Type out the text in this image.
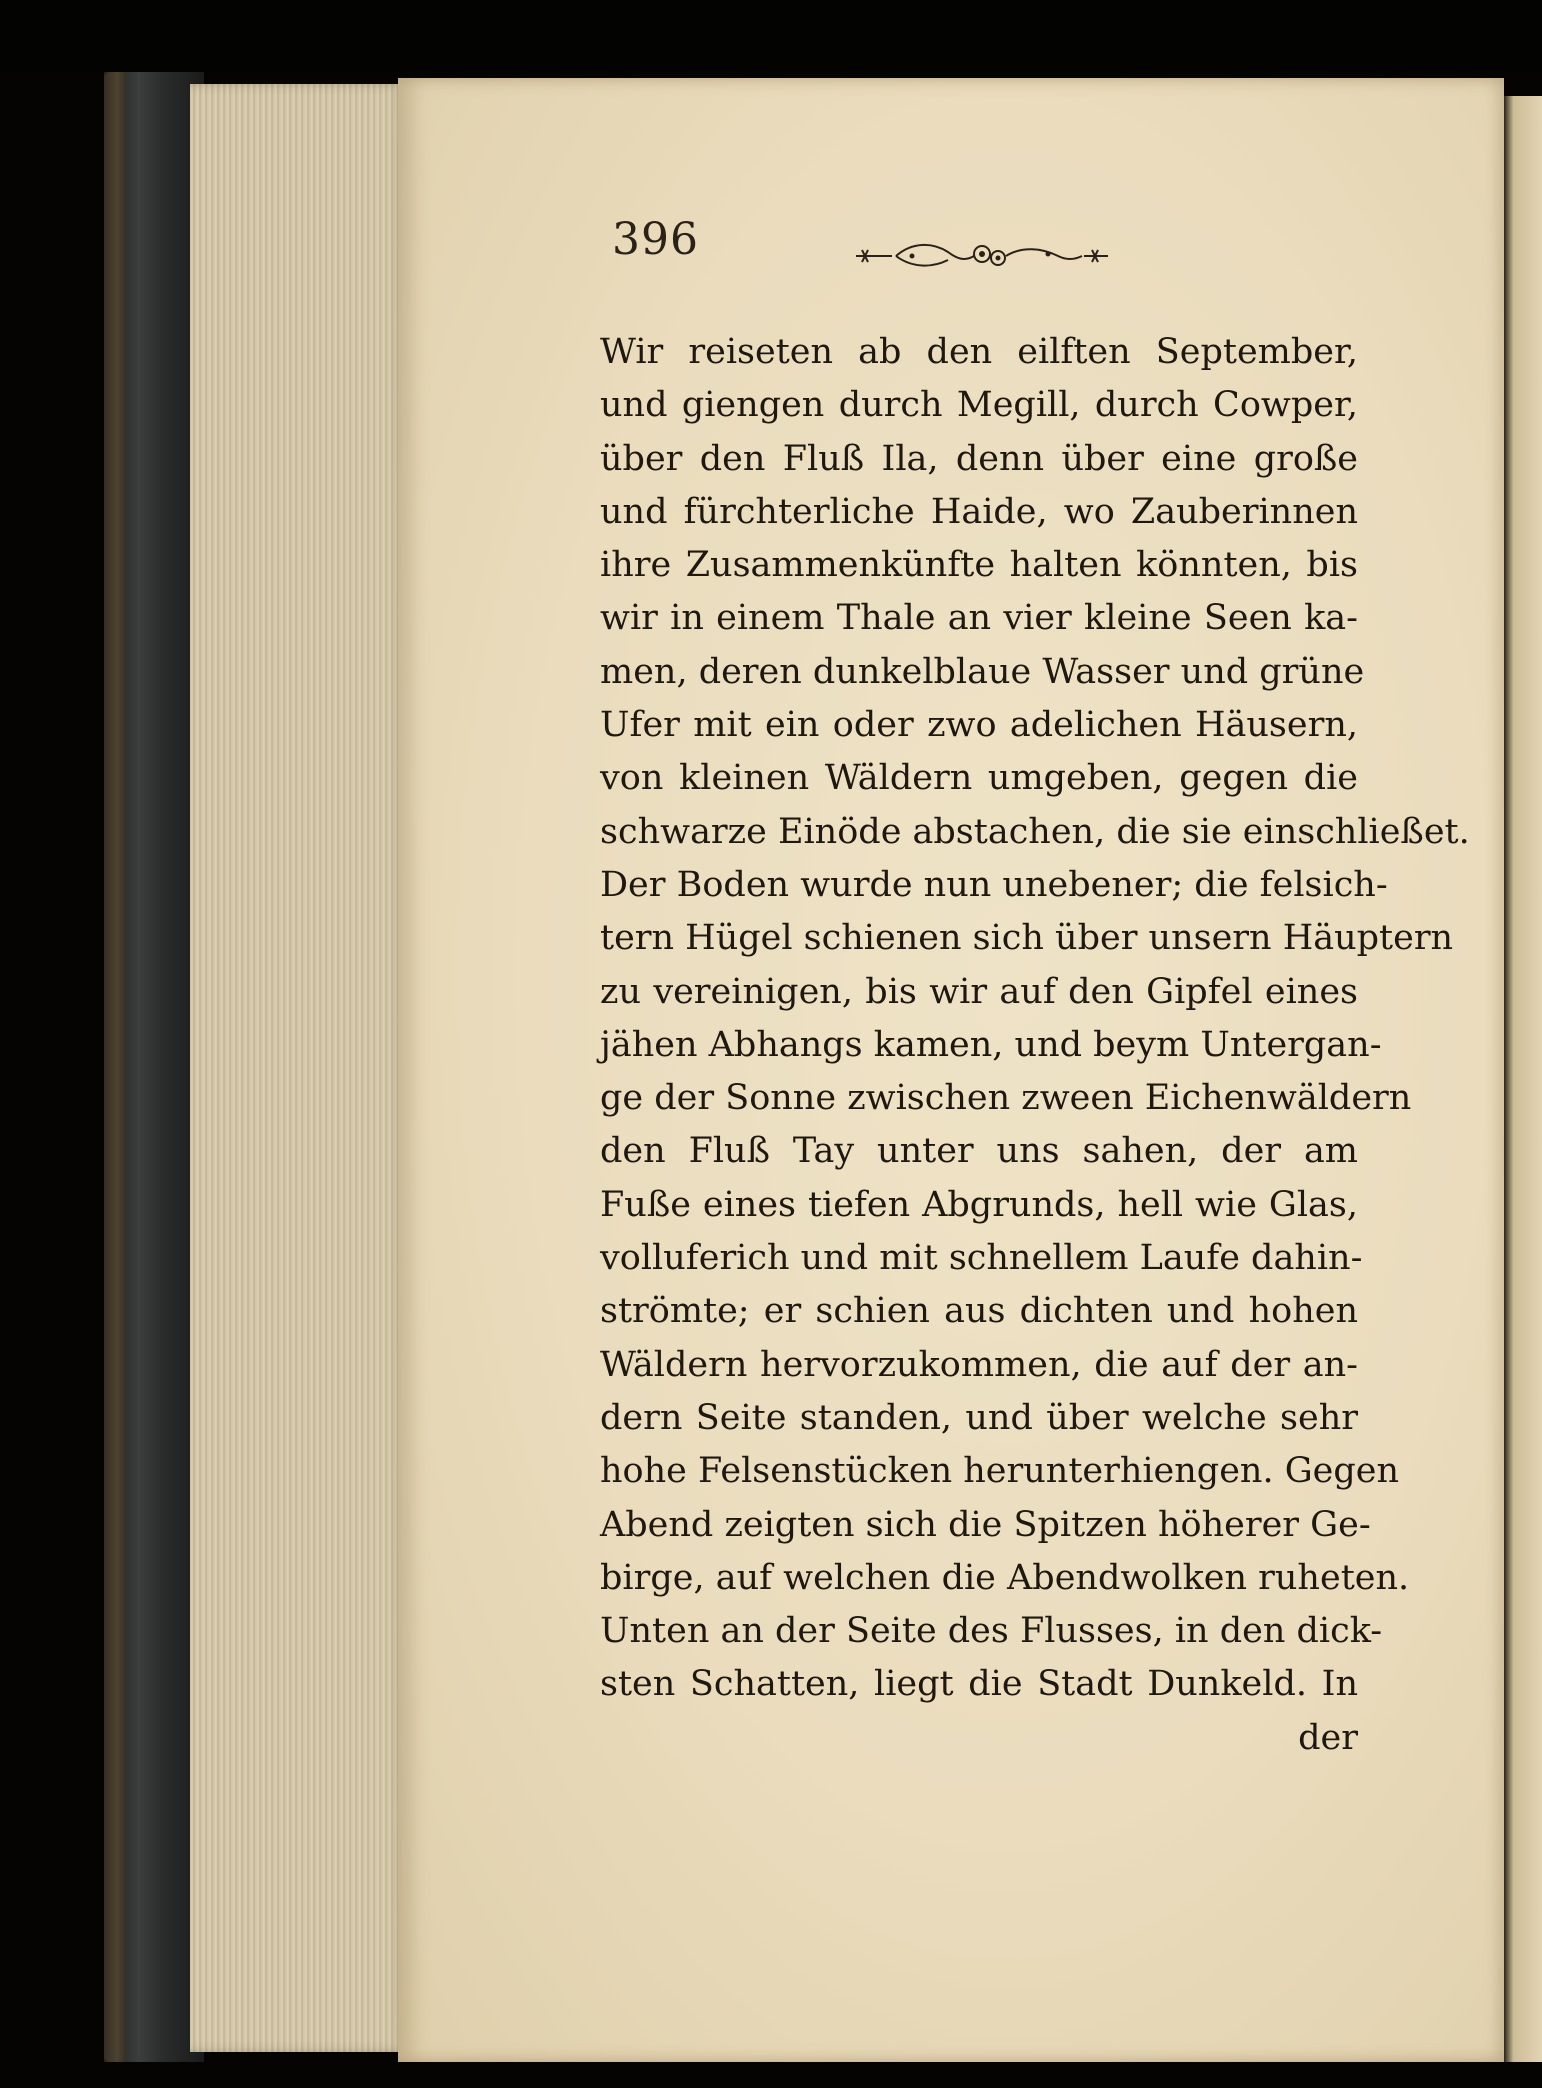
396
Wir reiseten ab den eilften September,
und giengen durch Megill, durch Cowper,
über den Fluß Ila, denn über eine große
und fürchterliche Haide, wo Zauberinnen
ihre Zusammenkünfte halten könnten, bis
wir in einem Thale an vier kleine Seen ka-
men, deren dunkelblaue Wasser und grüne
Ufer mit ein oder zwo adelichen Häusern,
von kleinen Wäldern umgeben, gegen die
schwarze Einöde abstachen, die sie einschließet.
Der Boden wurde nun unebener; die felsich-
tern Hügel schienen sich über unsern Häuptern
zu vereinigen, bis wir auf den Gipfel eines
jähen Abhangs kamen, und beym Untergan-
ge der Sonne zwischen zween Eichenwäldern
den Fluß Tay unter uns sahen, der am
Fuße eines tiefen Abgrunds, hell wie Glas,
volluferich und mit schnellem Laufe dahin-
strömte; er schien aus dichten und hohen
Wäldern hervorzukommen, die auf der an-
dern Seite standen, und über welche sehr
hohe Felsenstücken herunterhiengen. Gegen
Abend zeigten sich die Spitzen höherer Ge-
birge, auf welchen die Abendwolken ruheten.
Unten an der Seite des Flusses, in den dick-
sten Schatten, liegt die Stadt Dunkeld. In
der
